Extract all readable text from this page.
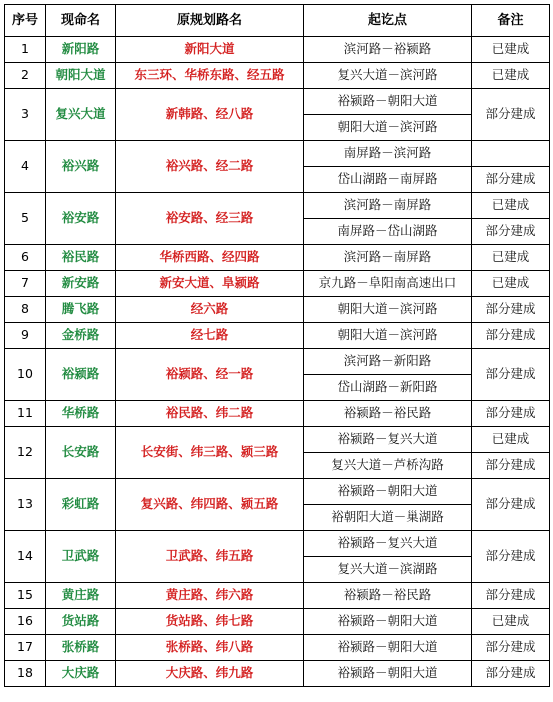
序号	现命名	原规划路名	起讫点	备注
1	新阳路	新阳大道	滨河路－裕颍路	已建成
2	朝阳大道	东三环、华桥东路、经五路	复兴大道－滨河路	已建成
3	复兴大道	新韩路、经八路	裕颍路－朝阳大道	部分建成
			朝阳大道－滨河路	
4	裕兴路	裕兴路、经二路	南屏路－滨河路	
			岱山湖路－南屏路	部分建成
5	裕安路	裕安路、经三路	滨河路－南屏路	已建成
			南屏路－岱山湖路	部分建成
6	裕民路	华桥西路、经四路	滨河路－南屏路	已建成
7	新安路	新安大道、阜颍路	京九路－阜阳南高速出口	已建成
8	腾飞路	经六路	朝阳大道－滨河路	部分建成
9	金桥路	经七路	朝阳大道－滨河路	部分建成
10	裕颍路	裕颍路、经一路	滨河路－新阳路	部分建成
			岱山湖路－新阳路	
11	华桥路	裕民路、纬二路	裕颍路－裕民路	部分建成
12	长安路	长安街、纬三路、颍三路	裕颍路－复兴大道	已建成
			复兴大道－芦桥沟路	部分建成
13	彩虹路	复兴路、纬四路、颍五路	裕颍路－朝阳大道	部分建成
			裕朝阳大道－巢湖路	
14	卫武路	卫武路、纬五路	裕颍路－复兴大道	部分建成
			复兴大道－滨湖路	
15	黄庄路	黄庄路、纬六路	裕颍路－裕民路	部分建成
16	货站路	货站路、纬七路	裕颍路－朝阳大道	已建成
17	张桥路	张桥路、纬八路	裕颍路－朝阳大道	部分建成
18	大庆路	大庆路、纬九路	裕颍路－朝阳大道	部分建成
